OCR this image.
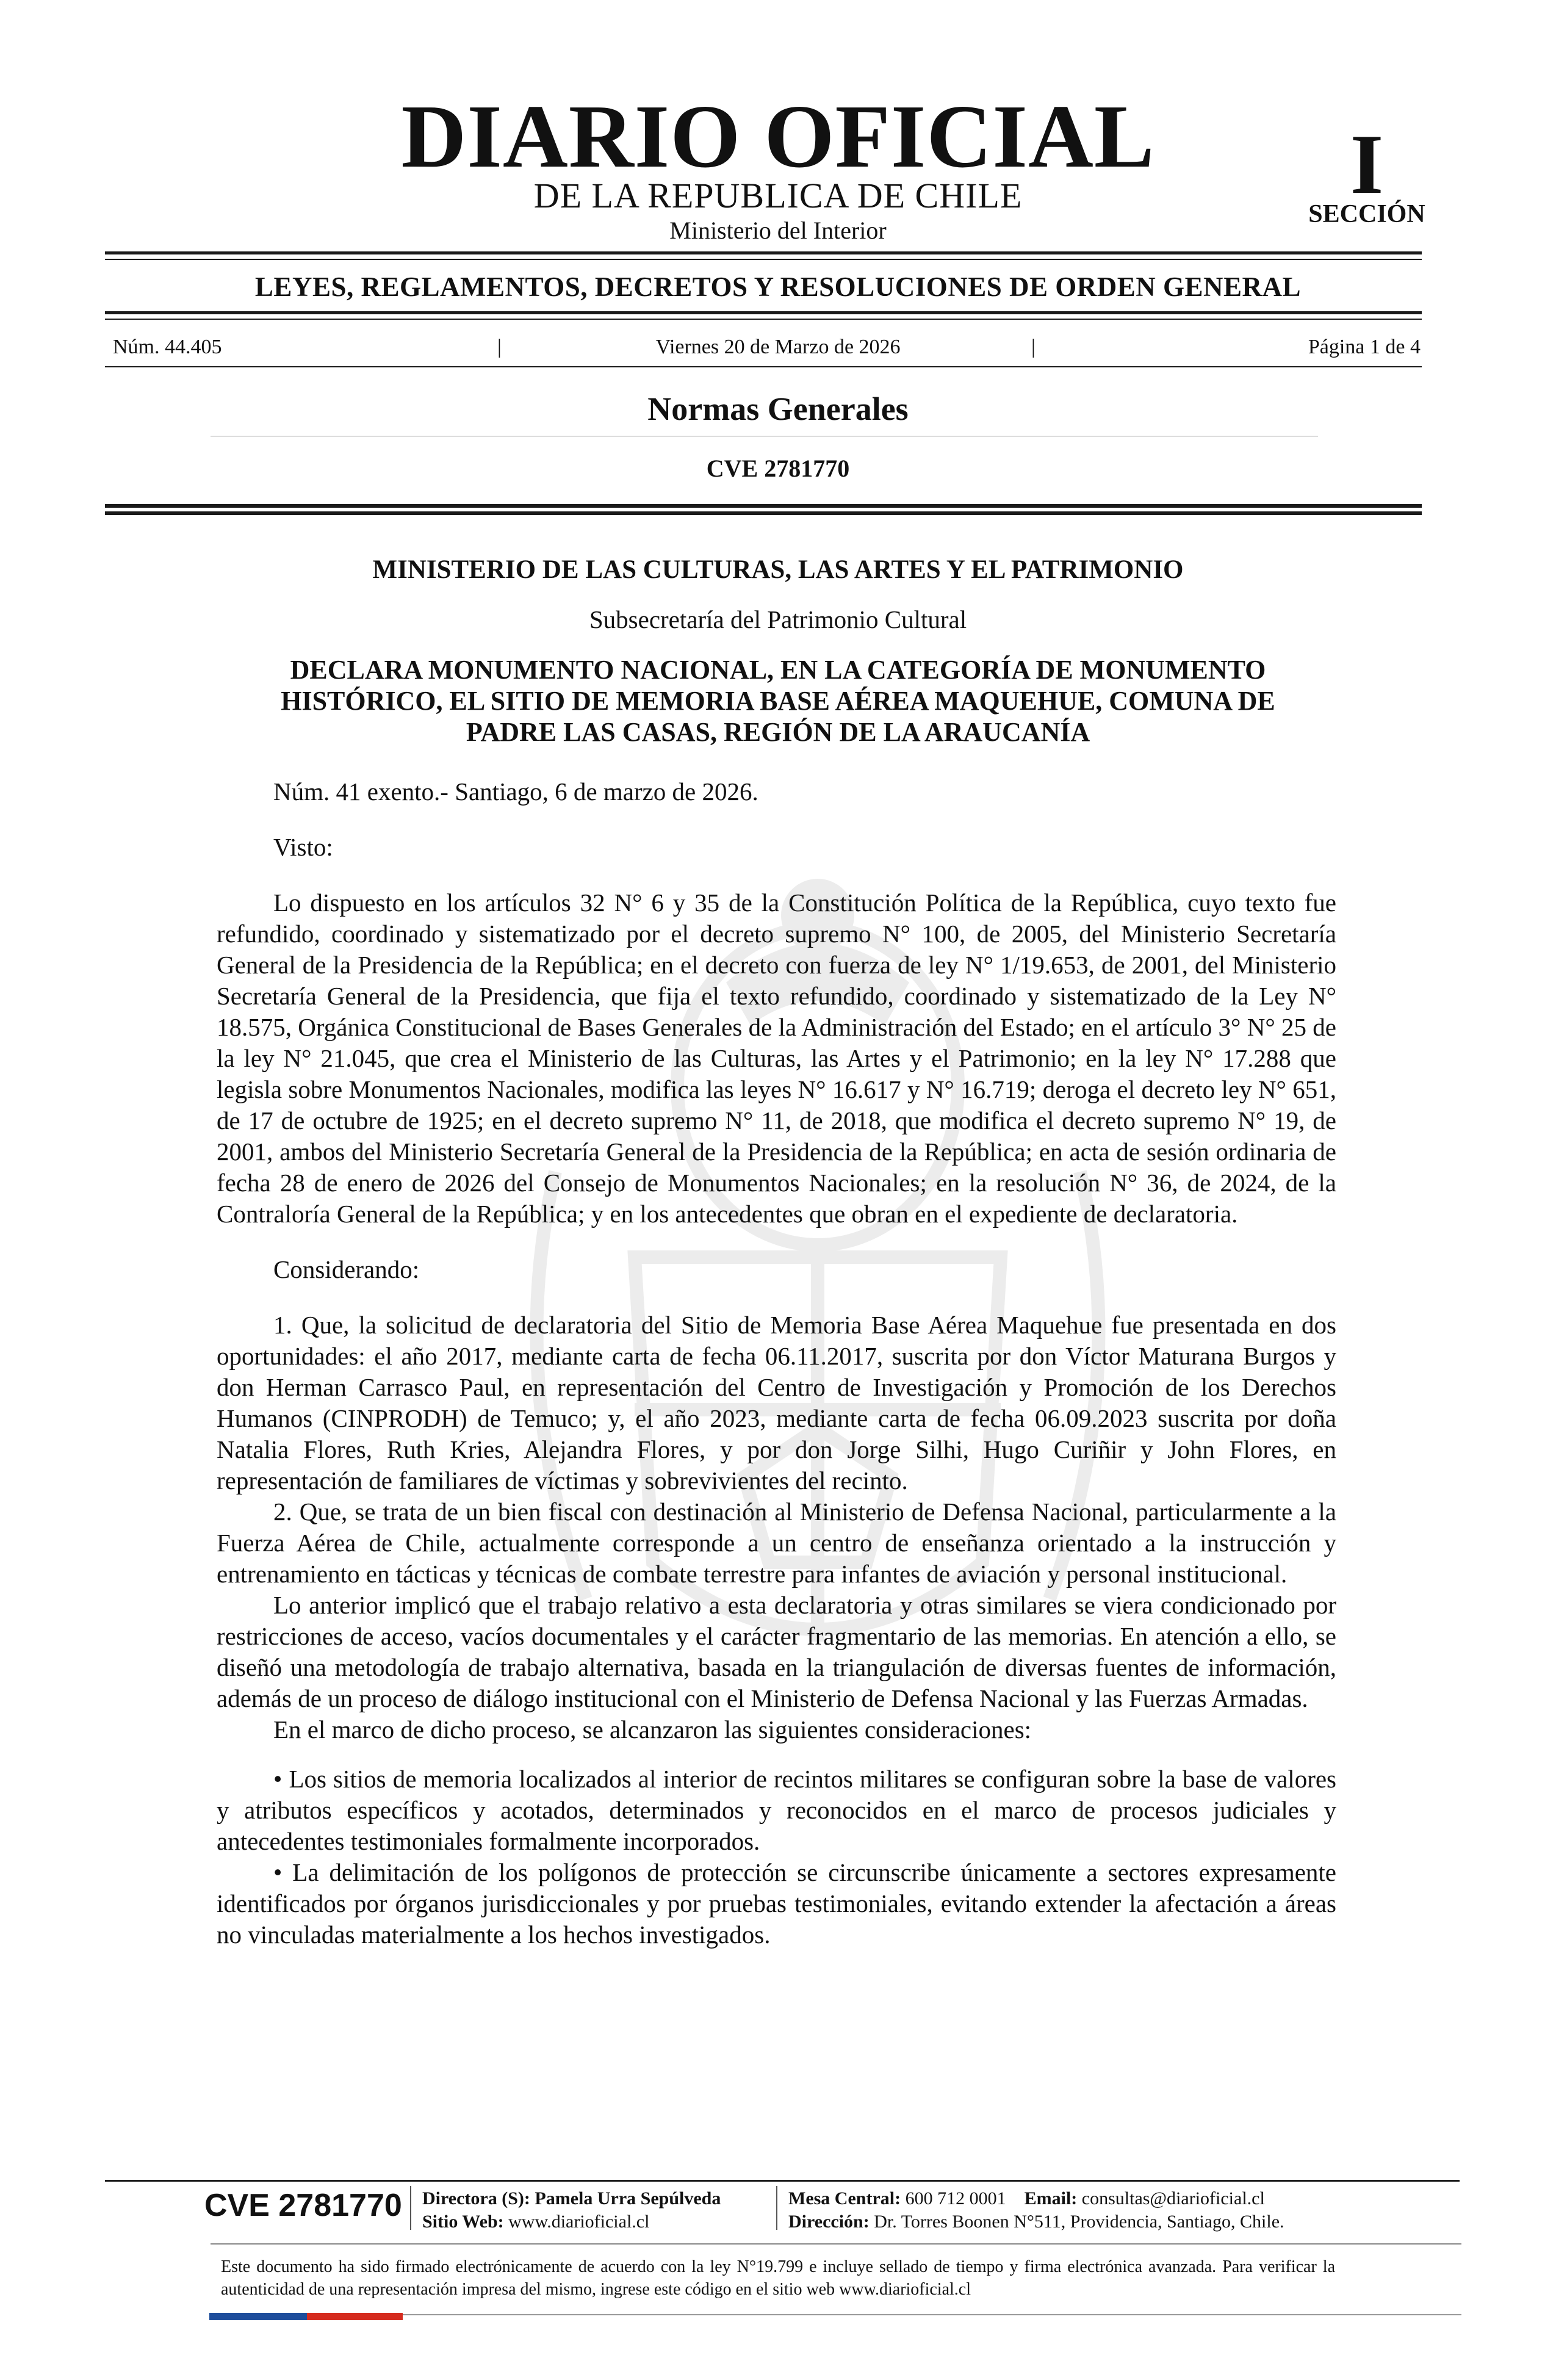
DIARIO OFICIAL
DE LA REPUBLICA DE CHILE
Ministerio del Interior
I
SECCIÓN
LEYES, REGLAMENTOS, DECRETOS Y RESOLUCIONES DE ORDEN GENERAL
Núm. 44.405	|	Viernes 20 de Marzo de 2026	|	Página 1 de 4
Normas Generales
CVE 2781770
MINISTERIO DE LAS CULTURAS, LAS ARTES Y EL PATRIMONIO
Subsecretaría del Patrimonio Cultural
DECLARA MONUMENTO NACIONAL, EN LA CATEGORÍA DE MONUMENTO
HISTÓRICO, EL SITIO DE MEMORIA BASE AÉREA MAQUEHUE, COMUNA DE
PADRE LAS CASAS, REGIÓN DE LA ARAUCANÍA

Núm. 41 exento.- Santiago, 6 de marzo de 2026.

Visto:

Lo dispuesto en los artículos 32 N° 6 y 35 de la Constitución Política de la República, cuyo texto fue refundido, coordinado y sistematizado por el decreto supremo N° 100, de 2005, del Ministerio Secretaría General de la Presidencia de la República; en el decreto con fuerza de ley N° 1/19.653, de 2001, del Ministerio Secretaría General de la Presidencia, que fija el texto refundido, coordinado y sistematizado de la Ley N° 18.575, Orgánica Constitucional de Bases Generales de la Administración del Estado; en el artículo 3° N° 25 de la ley N° 21.045, que crea el Ministerio de las Culturas, las Artes y el Patrimonio; en la ley N° 17.288 que legisla sobre Monumentos Nacionales, modifica las leyes N° 16.617 y N° 16.719; deroga el decreto ley N° 651, de 17 de octubre de 1925; en el decreto supremo N° 11, de 2018, que modifica el decreto supremo N° 19, de 2001, ambos del Ministerio Secretaría General de la Presidencia de la República; en acta de sesión ordinaria de fecha 28 de enero de 2026 del Consejo de Monumentos Nacionales; en la resolución N° 36, de 2024, de la Contraloría General de la República; y en los antecedentes que obran en el expediente de declaratoria.

Considerando:

1. Que, la solicitud de declaratoria del Sitio de Memoria Base Aérea Maquehue fue presentada en dos oportunidades: el año 2017, mediante carta de fecha 06.11.2017, suscrita por don Víctor Maturana Burgos y don Herman Carrasco Paul, en representación del Centro de Investigación y Promoción de los Derechos Humanos (CINPRODH) de Temuco; y, el año 2023, mediante carta de fecha 06.09.2023 suscrita por doña Natalia Flores, Ruth Kries, Alejandra Flores, y por don Jorge Silhi, Hugo Curiñir y John Flores, en representación de familiares de víctimas y sobrevivientes del recinto.

2. Que, se trata de un bien fiscal con destinación al Ministerio de Defensa Nacional, particularmente a la Fuerza Aérea de Chile, actualmente corresponde a un centro de enseñanza orientado a la instrucción y entrenamiento en tácticas y técnicas de combate terrestre para infantes de aviación y personal institucional.

Lo anterior implicó que el trabajo relativo a esta declaratoria y otras similares se viera condicionado por restricciones de acceso, vacíos documentales y el carácter fragmentario de las memorias. En atención a ello, se diseñó una metodología de trabajo alternativa, basada en la triangulación de diversas fuentes de información, además de un proceso de diálogo institucional con el Ministerio de Defensa Nacional y las Fuerzas Armadas.

En el marco de dicho proceso, se alcanzaron las siguientes consideraciones:

• Los sitios de memoria localizados al interior de recintos militares se configuran sobre la base de valores y atributos específicos y acotados, determinados y reconocidos en el marco de procesos judiciales y antecedentes testimoniales formalmente incorporados.

• La delimitación de los polígonos de protección se circunscribe únicamente a sectores expresamente identificados por órganos jurisdiccionales y por pruebas testimoniales, evitando extender la afectación a áreas no vinculadas materialmente a los hechos investigados.

CVE 2781770 Directora (S): Pamela Urra Sepúlveda
Sitio Web: www.diarioficial.cl
Mesa Central: 600 712 0001 Email: consultas@diarioficial.cl
Dirección: Dr. Torres Boonen N°511, Providencia, Santiago, Chile.
Este documento ha sido firmado electrónicamente de acuerdo con la ley N°19.799 e incluye sellado de tiempo y firma electrónica avanzada. Para verificar la autenticidad de una representación impresa del mismo, ingrese este código en el sitio web www.diarioficial.cl
